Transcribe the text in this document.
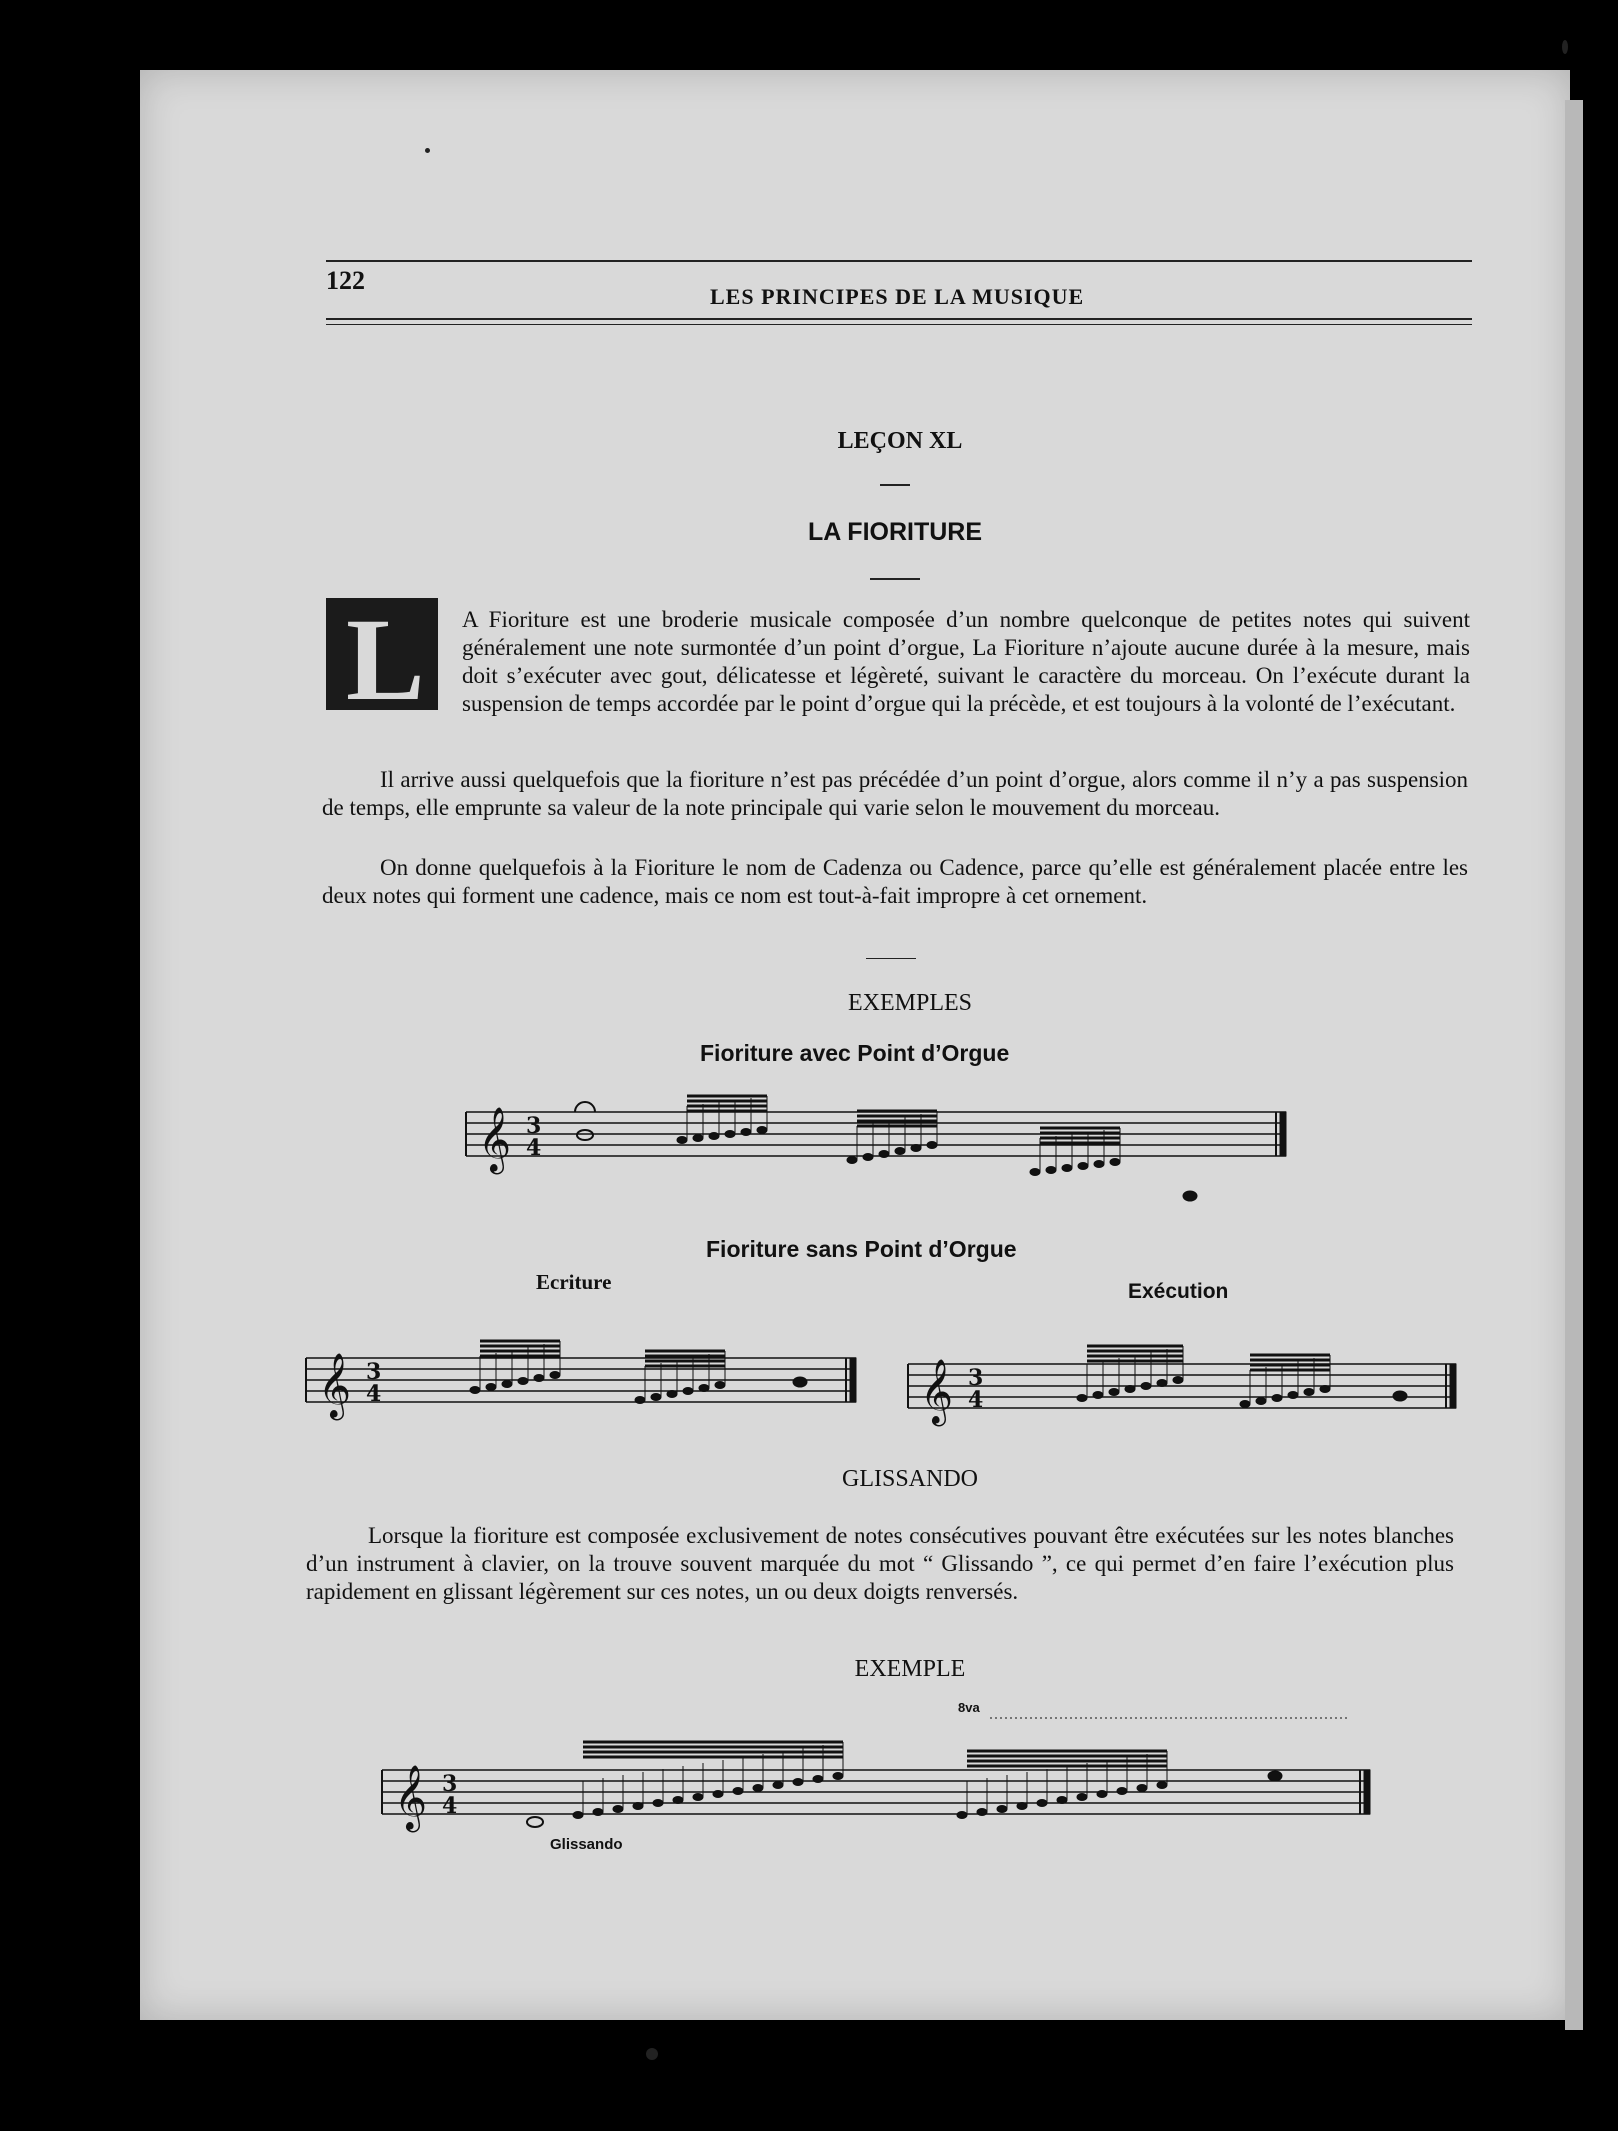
122
LES PRINCIPES DE LA MUSIQUE
LEÇON XL
LA FIORITURE
L A Fioriture est une broderie musicale composée d’un nombre quelconque de petites notes qui suivent généralement une note surmontée d’un point d’orgue, La Fioriture n’ajoute aucune durée à la mesure, mais doit s’exécuter avec gout, délicatesse et légèreté, suivant le caractère du morceau. On l’exécute durant la suspension de temps accordée par le point d’orgue qui la précède, et est toujours à la volonté de l’exécutant.
Il arrive aussi quelquefois que la fioriture n’est pas précédée d’un point d’orgue, alors comme il n’y a pas suspension de temps, elle emprunte sa valeur de la note principale qui varie selon le mouvement du morceau.
On donne quelquefois à la Fioriture le nom de Cadenza ou Cadence, parce qu’elle est généralement placée entre les deux notes qui forment une cadence, mais ce nom est tout-à-fait impropre à cet ornement.
EXEMPLES
Fioriture avec Point d’Orgue
𝄞 3
4
𝄞 3
4	𝄞 3
4
𝄞 3
4
Fioriture sans Point d’Orgue
Ecriture	Exécution
GLISSANDO
Lorsque la fioriture est composée exclusivement de notes consécutives pouvant être exécutées sur les notes blanches d’un instrument à clavier, on la trouve souvent marquée du mot “ Glissando ”, ce qui permet d’en faire l’exécution plus rapidement en glissant légèrement sur ces notes, un ou deux doigts renversés.
EXEMPLE
8va
Glissando
